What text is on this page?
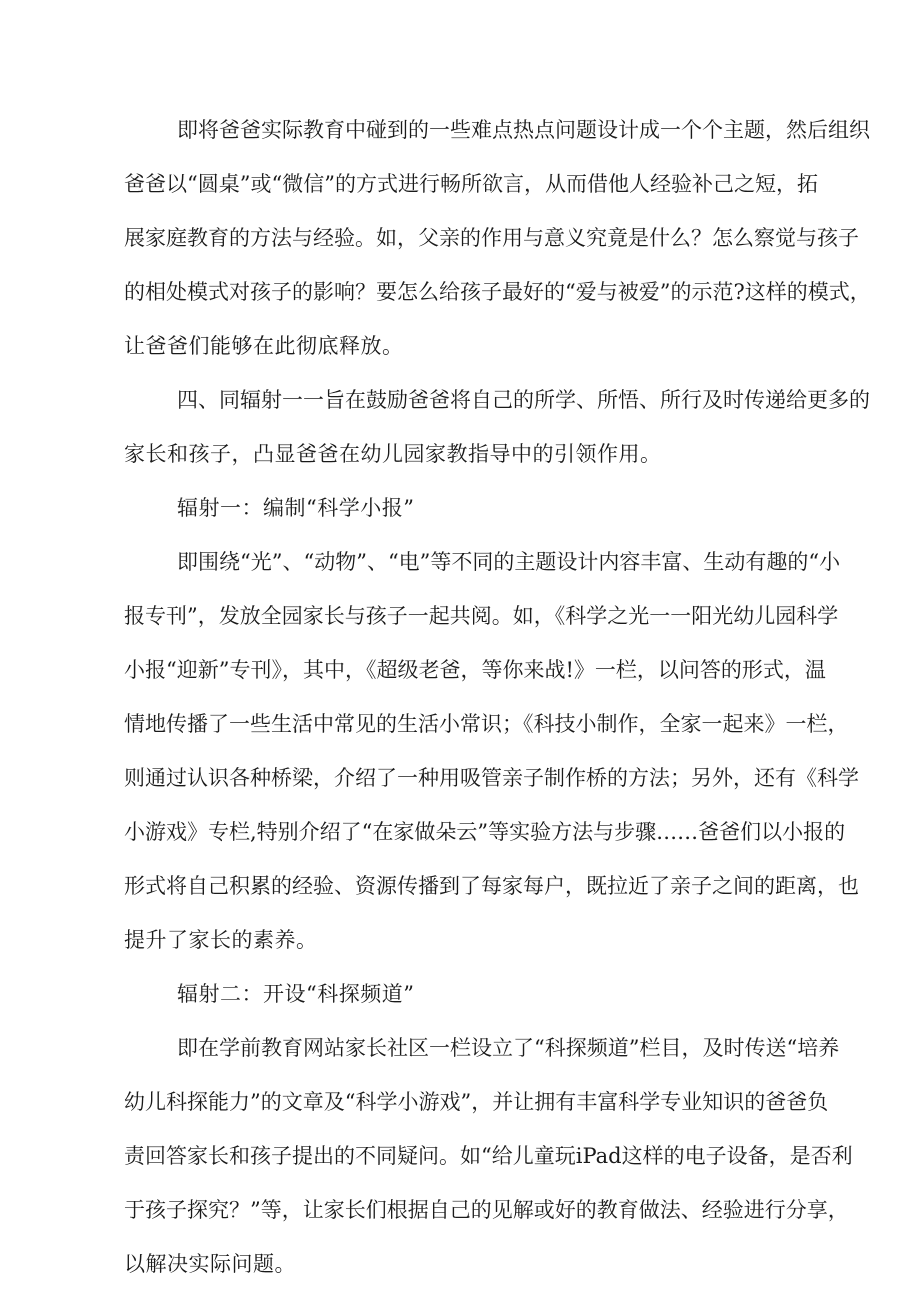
即将爸爸实际教育中碰到的一些难点热点问题设计成一个个主题，然后组织
爸爸以“圆桌”或“微信”的方式进行畅所欲言，从而借他人经验补己之短，拓
展家庭教育的方法与经验。如，父亲的作用与意义究竟是什么？怎么察觉与孩子
的相处模式对孩子的影响？要怎么给孩子最好的“爱与被爱”的示范?这样的模式，
让爸爸们能够在此彻底释放。
四、同辐射一一旨在鼓励爸爸将自己的所学、所悟、所行及时传递给更多的
家长和孩子，凸显爸爸在幼儿园家教指导中的引领作用。
辐射一：编制“科学小报”
即围绕“光”、“动物”、“电”等不同的主题设计内容丰富、生动有趣的“小
报专刊”，发放全园家长与孩子一起共阅。如，《科学之光一一阳光幼儿园科学
小报“迎新”专刊》，其中，《超级老爸，等你来战!》一栏，以问答的形式，温
情地传播了一些生活中常见的生活小常识；《科技小制作，全家一起来》一栏，
则通过认识各种桥梁，介绍了一种用吸管亲子制作桥的方法；另外，还有《科学
小游戏》专栏,特别介绍了“在家做朵云”等实验方法与步骤……爸爸们以小报的
形式将自己积累的经验、资源传播到了每家每户，既拉近了亲子之间的距离，也
提升了家长的素养。
辐射二：开设“科探频道”
即在学前教育网站家长社区一栏设立了“科探频道”栏目，及时传送“培养
幼儿科探能力”的文章及“科学小游戏”，并让拥有丰富科学专业知识的爸爸负
责回答家长和孩子提出的不同疑问。如“给儿童玩iPad这样的电子设备，是否利
于孩子探究？”等，让家长们根据自己的见解或好的教育做法、经验进行分享，
以解决实际问题。
